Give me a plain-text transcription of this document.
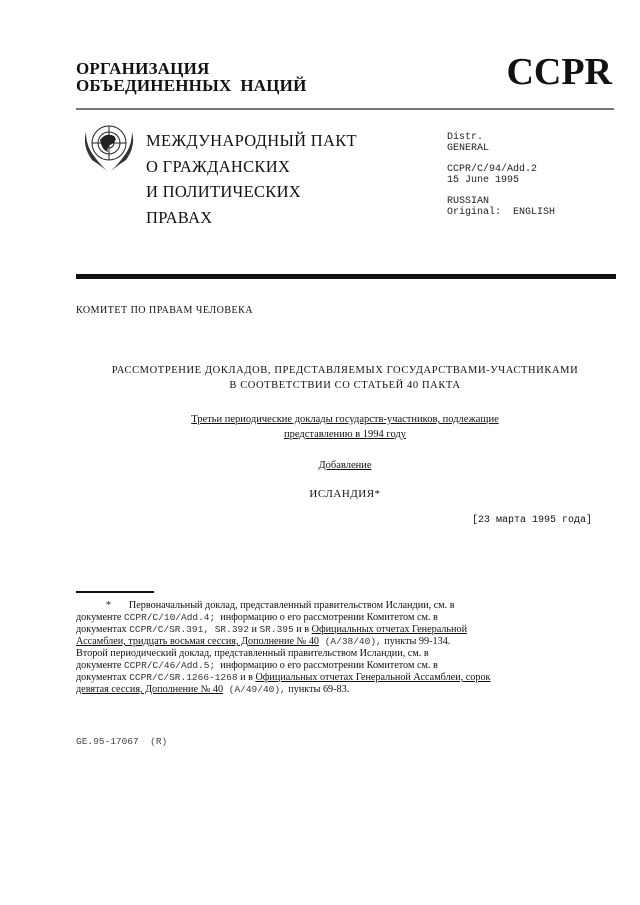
ОРГАНИЗАЦИЯ
ОБЪЕДИНЕННЫХ  НАЦИЙ	CCPR
МЕЖДУНАРОДНЫЙ ПАКТ
О ГРАЖДАНСКИХ
И ПОЛИТИЧЕСКИХ
ПРАВАХ
Distr.
GENERAL
CCPR/C/94/Add.2
15 June 1995
RUSSIAN
Original:  ENGLISH
КОМИТЕТ ПО ПРАВАМ ЧЕЛОВЕКА
РАССМОТРЕНИЕ ДОКЛАДОВ, ПРЕДСТАВЛЯЕМЫХ ГОСУДАРСТВАМИ-УЧАСТНИКАМИ
В СООТВЕТСТВИИ СО СТАТЬЕЙ 40 ПАКТА
Третьи периодические доклады государств-участников, подлежащие
представлению в 1994 году
Добавление
ИСЛАНДИЯ*
[23 марта 1995 года]
* Первоначальный доклад, представленный правительством Исландии, см. в
документе CCPR/C/10/Add.4;  информацию о его рассмотрении Комитетом см. в
документах CCPR/C/SR.391, SR.392 и SR.395 и в Официальных отчетах Генеральной
Ассамблеи, тридцать восьмая сессия, Дополнение № 40 (A/38/40), пункты 99-134.
Второй периодический доклад, представленный правительством Исландии, см. в
документе CCPR/C/46/Add.5;  информацию о его рассмотрении Комитетом см. в
документах CCPR/C/SR.1266-1268 и в Официальных отчетах Генеральной Ассамблеи, сорок
девятая сессия, Дополнение № 40 (A/49/40), пункты 69-83.
GE.95-17067  (R)
